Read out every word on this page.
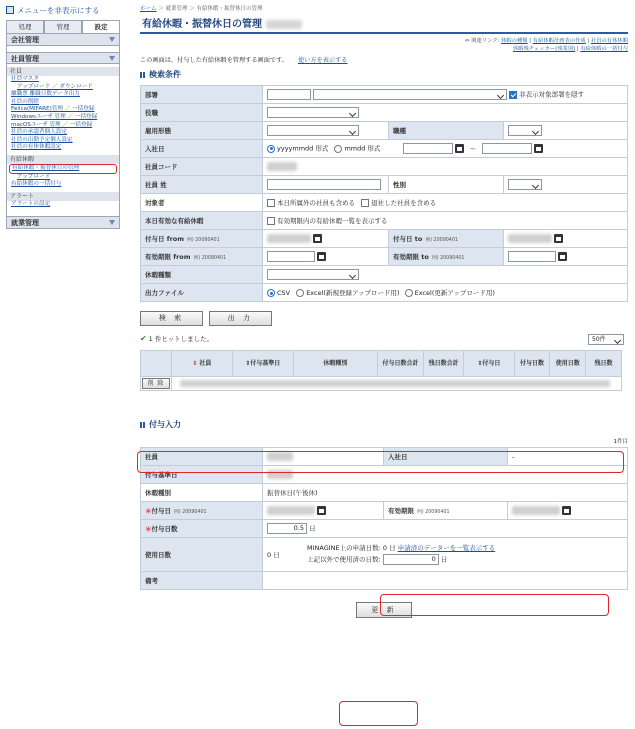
メニューを非表示にする
処理	管理	設定
会社管理
社員管理
社員
社員マスタ
アップロード ／ ダウンロード
離職票 離職日数データ出力
社員の削除
Felica(MIFARE)管理 ／ 一括登録
Windowsユーザ 管理 ／ 一括登録
macOSユーザ 管理 ／ 一括登録
社員の承認者個人設定
社員の出勤予定個人設定
社員の有休休暇設定
有給休暇
有給休暇・振替休日の管理
アップロード
有給休暇の一括付与
アラート
アラートの設定
就業管理
ホーム ＞ 就業管理 ＞ 有給休暇・振替休日の管理
有給休暇・振替休日の管理
⇔ 関連リンク: 休暇の種類 | 有給休暇計画表の作成 | 社員の有休休暇
休暇残チェッカー(残業別) | 有給休暇の一括付与
この画面は、付与した有給休暇を管理する画面です。 使い方を表示する
検索条件
部署	非表示対象部署を隠す		
役職			
雇用形態		職種	
入社日	yyyymmdd 形式 mmdd 形式 〜		
社員コード			
社員 姓		性別	
対象者	本日所属外の社員も含める 退社した社員を含める		
本日有効な有給休暇	有効期限内の有給休暇一覧を表示する		
付与日 from 例) 20090401		付与日 to 例) 20090401	
有効期限 from 例) 20090401		有効期限 to 例) 20090401	
休暇種類			
出力ファイル	CSV Excel(新規登録アップロード用) Excel(更新アップロード用)		
検 索	出 力
✔ 1 件ヒットしました。	50件
	⇕ 社員	⇕付与基準日	休暇種別	付与日数合計	残日数合計	⇕付与日	付与日数	使用日数	残日数
削 除									
付与入力
1件目
社員		入社日	-
付与基準日			
休暇種別	振替休日(午後休)		
＊付与日 例) 20090401		有効期限 例) 20090401	
＊付与日数	0.5 日		
使用日数	0 日
MINAGINE上の申請日数: 0 日 申請済のデーターを一覧表示する
上記以外で使用済の日数: 0 日		

備考			
更 新
